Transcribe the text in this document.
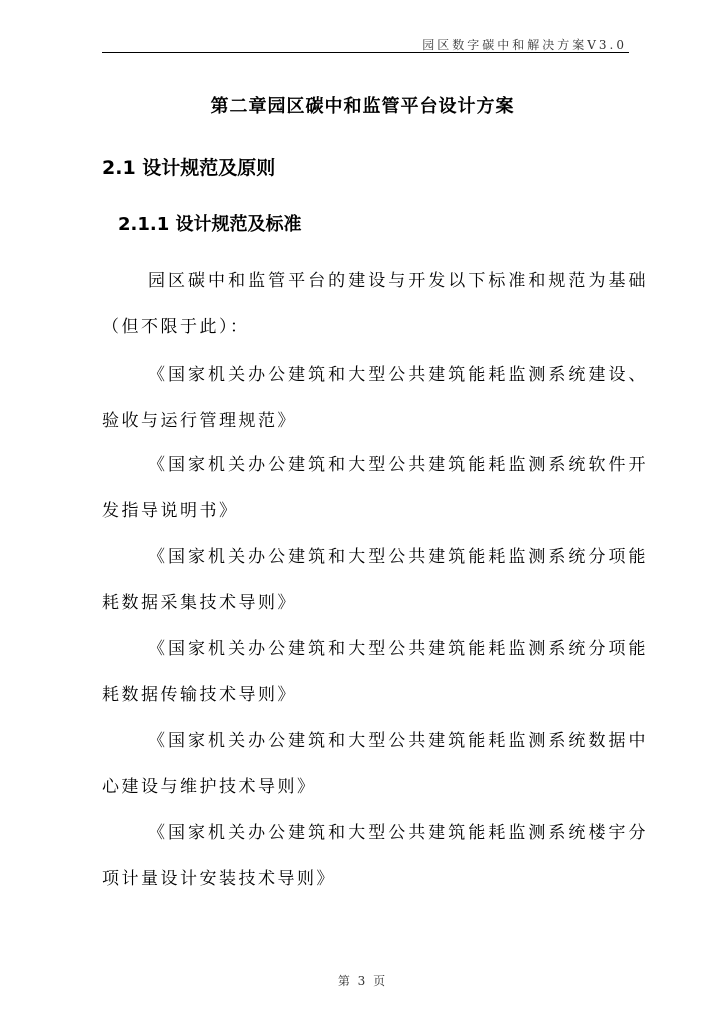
园区数字碳中和解决方案V3.0
第二章园区碳中和监管平台设计方案
2.1 设计规范及原则
2.1.1 设计规范及标准
园区碳中和监管平台的建设与开发以下标准和规范为基础（但不限于此）：
《国家机关办公建筑和大型公共建筑能耗监测系统建设、验收与运行管理规范》
《国家机关办公建筑和大型公共建筑能耗监测系统软件开发指导说明书》
《国家机关办公建筑和大型公共建筑能耗监测系统分项能耗数据采集技术导则》
《国家机关办公建筑和大型公共建筑能耗监测系统分项能耗数据传输技术导则》
《国家机关办公建筑和大型公共建筑能耗监测系统数据中心建设与维护技术导则》
《国家机关办公建筑和大型公共建筑能耗监测系统楼宇分项计量设计安装技术导则》
第 3 页
